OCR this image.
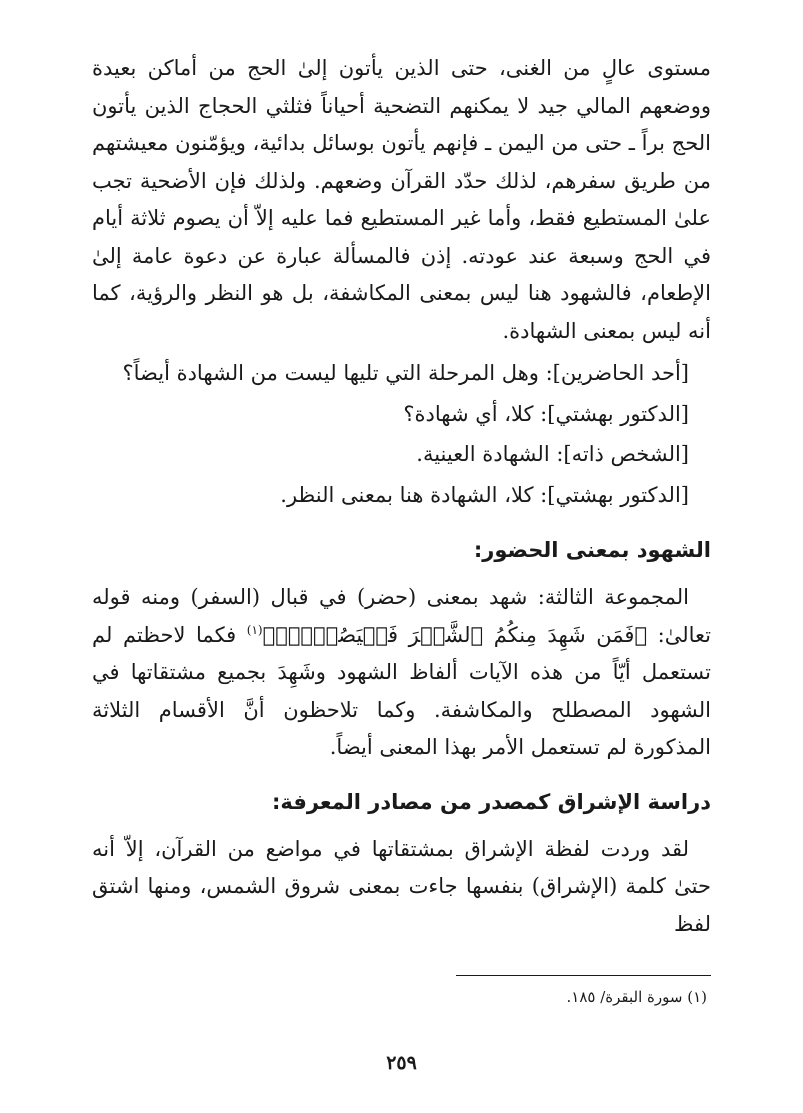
مستوى عالٍ من الغنى، حتى الذين يأتون إلىٰ الحج من أماكن بعيدة ووضعهم المالي جيد لا يمكنهم التضحية أحياناً فثلثي الحجاج الذين يأتون الحج براً ـ حتى من اليمن ـ فإنهم يأتون بوسائل بدائية، ويؤمّنون معيشتهم من طريق سفرهم، لذلك حدّد القرآن وضعهم. ولذلك فإن الأضحية تجب علىٰ المستطيع فقط، وأما غير المستطيع فما عليه إلاّ أن يصوم ثلاثة أيام في الحج وسبعة عند عودته. إذن فالمسألة عبارة عن دعوة عامة إلىٰ الإطعام، فالشهود هنا ليس بمعنى المكاشفة، بل هو النظر والرؤية، كما أنه ليس بمعنى الشهادة.

[أحد الحاضرين]: وهل المرحلة التي تليها ليست من الشهادة أيضاً؟
[الدكتور بهشتي]: كلا، أي شهادة؟
[الشخص ذاته]: الشهادة العينية.
[الدكتور بهشتي]: كلا، الشهادة هنا بمعنى النظر.
الشهود بمعنى الحضور:

المجموعة الثالثة: شهد بمعنى (حضر) في قبال (السفر) ومنه قوله تعالىٰ: ﴿فَمَن شَهِدَ مِنكُمُ ٱلشَّهۡرَ فَلۡيَصُمۡهُۖ﴾$^{(١)}$ فكما لاحظتم لم تستعمل أيّاً من هذه الآيات ألفاظ الشهود وشَهِدَ بجميع مشتقاتها في الشهود المصطلح والمكاشفة. وكما تلاحظون أنَّ الأقسام الثلاثة المذكورة لم تستعمل الأمر بهذا المعنى أيضاً.

دراسة الإشراق كمصدر من مصادر المعرفة:

لقد وردت لفظة الإشراق بمشتقاتها في مواضع من القرآن، إلاّ أنه حتىٰ كلمة (الإشراق) بنفسها جاءت بمعنى شروق الشمس، ومنها اشتق لفظ

(١) سورة البقرة/ ١٨٥.
٢٥٩
